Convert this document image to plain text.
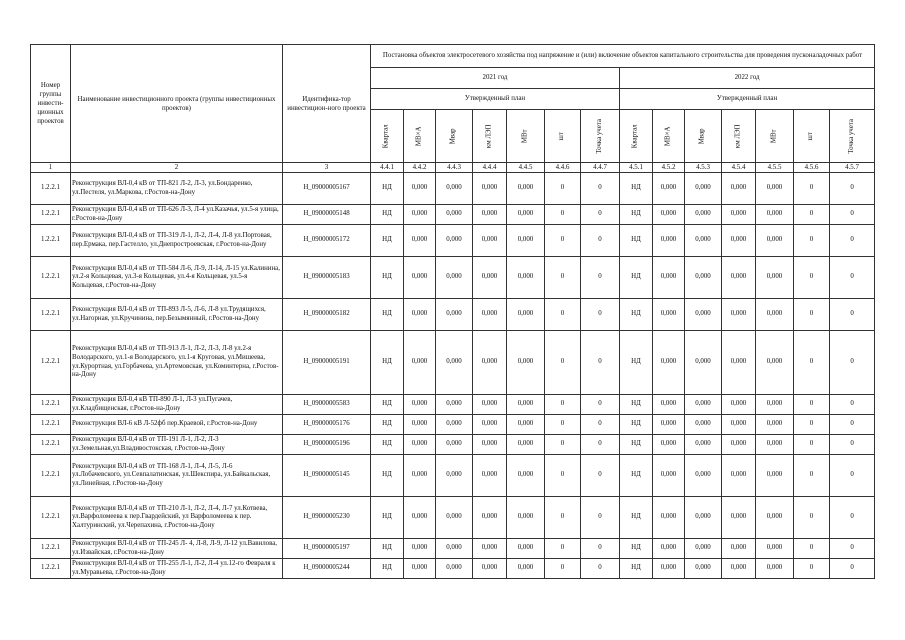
Номер группы инвести-ционных проектов	Наименование инвестиционного проекта (группы инвестиционных проектов)	Идентифика-тор инвестицион-ного проекта	Постановка объектов электросетевого хозяйства под напряжение и (или) включение объектов капитального строительства для проведения пусконаладочных работ													
			2021 год							2022 год						
			Утвержденный план							Утвержденный план						
			Квартал	МВ×А	Мвар	км ЛЭП	МВт	шт	Точка учета	Квартал	МВ×А	Мвар	км ЛЭП	МВт	шт	Точка учета
1	2	3	4.4.1	4.4.2	4.4.3	4.4.4	4.4.5	4.4.6	4.4.7	4.5.1	4.5.2	4.5.3	4.5.4	4.5.5	4.5.6	4.5.7
1.2.2.1	Реконструкция ВЛ-0,4 кВ от ТП-821 Л-2, Л-3, ул.Бондаренко, ул.Пестеля, ул.Маркова, г.Ростов-на-Дону	H_09000005167	НД	0,000	0,000	0,000	0,000	0	0	НД	0,000	0,000	0,000	0,000	0	0
1.2.2.1	Реконструкция ВЛ-0,4 кВ от ТП-626 Л-3, Л-4 ул.Казачья, ул.5-я улица, г.Ростов-на-Дону	H_09000005148	НД	0,000	0,000	0,000	0,000	0	0	НД	0,000	0,000	0,000	0,000	0	0
1.2.2.1	Реконструкция ВЛ-0,4 кВ от ТП-319 Л-1, Л-2, Л-4, Л-8 ул.Портовая, пер.Ермака, пер.Гастелло, ул.Днепростроевская, г.Ростов-на-Дону	H_09000005172	НД	0,000	0,000	0,000	0,000	0	0	НД	0,000	0,000	0,000	0,000	0	0
1.2.2.1	Реконструкция ВЛ-0,4 кВ от ТП-584 Л-6, Л-9, Л-14, Л-15 ул.Калинина, ул.2-я Кольцевая, ул.3-я Кольцевая, ул.4-я Кольцевая, ул.5-я Кольцевая, г.Ростов-на-Дону	H_09000005183	НД	0,000	0,000	0,000	0,000	0	0	НД	0,000	0,000	0,000	0,000	0	0
1.2.2.1	Реконструкция ВЛ-0,4 кВ от ТП-893 Л-5, Л-6, Л-8 ул.Трудящихся, ул.Нагорная, ул.Кручинина, пер.Безымянный, г.Ростов-на-Дону	H_09000005182	НД	0,000	0,000	0,000	0,000	0	0	НД	0,000	0,000	0,000	0,000	0	0
1.2.2.1	Реконструкция ВЛ-0,4 кВ от ТП-913 Л-1, Л-2, Л-3, Л-8 ул.2-я Володарского, ул.1-я Володарского, ул.1-я Круговая, ул.Мишеева, ул.Курортная, ул.Горбачева, ул.Артемовская, ул.Коминтерна, г.Ростов-на-Дону	H_09000005191	НД	0,000	0,000	0,000	0,000	0	0	НД	0,000	0,000	0,000	0,000	0	0
1.2.2.1	Реконструкция ВЛ-0,4 кВ ТП-890 Л-1, Л-3 ул.Пугачев, ул.Кладбищенская, г.Ростов-на-Дону	H_09000005583	НД	0,000	0,000	0,000	0,000	0	0	НД	0,000	0,000	0,000	0,000	0	0
1.2.2.1	Реконструкция ВЛ-6 кВ Л-52фб пер.Краевой, г.Ростов-на-Дону	H_09000005176	НД	0,000	0,000	0,000	0,000	0	0	НД	0,000	0,000	0,000	0,000	0	0
1.2.2.1	Реконструкция ВЛ-0,4 кВ от ТП-191 Л-1, Л-2, Л-3 ул.Земельная,ул.Владивостокская, г.Ростов-на-Дону	H_09000005196	НД	0,000	0,000	0,000	0,000	0	0	НД	0,000	0,000	0,000	0,000	0	0
1.2.2.1	Реконструкция ВЛ-0,4 кВ от ТП-168 Л-1, Л-4, Л-5, Л-6 ул.Лобачевского, ул.Севпалатинская, ул.Шекспира, ул.Байкальская, ул.Линейная, г.Ростов-на-Дону	H_09000005145	НД	0,000	0,000	0,000	0,000	0	0	НД	0,000	0,000	0,000	0,000	0	0
1.2.2.1	Реконструкция ВЛ-0,4 кВ от ТП-210 Л-1, Л-2, Л-4, Л-7 ул.Котвева, ул.Варфоломеева к пер.Гвардейский, ул Варфоломеева к пер. Халтуринский, ул.Черепахина, г.Ростов-на-Дону	H_09000005230	НД	0,000	0,000	0,000	0,000	0	0	НД	0,000	0,000	0,000	0,000	0	0
1.2.2.1	Реконструкция ВЛ-0,4 кВ от ТП-245 Л- 4, Л-8, Л-9, Л-12 ул.Вавилова, ул.Извайская, г.Ростов-на-Дону	H_09000005197	НД	0,000	0,000	0,000	0,000	0	0	НД	0,000	0,000	0,000	0,000	0	0
1.2.2.1	Реконструкция ВЛ-0,4 кВ от ТП-255 Л-1, Л-2, Л-4 ул.12-го Февраля к ул.Муравьева, г.Ростов-на-Дону	H_09000005244	НД	0,000	0,000	0,000	0,000	0	0	НД	0,000	0,000	0,000	0,000	0	0
